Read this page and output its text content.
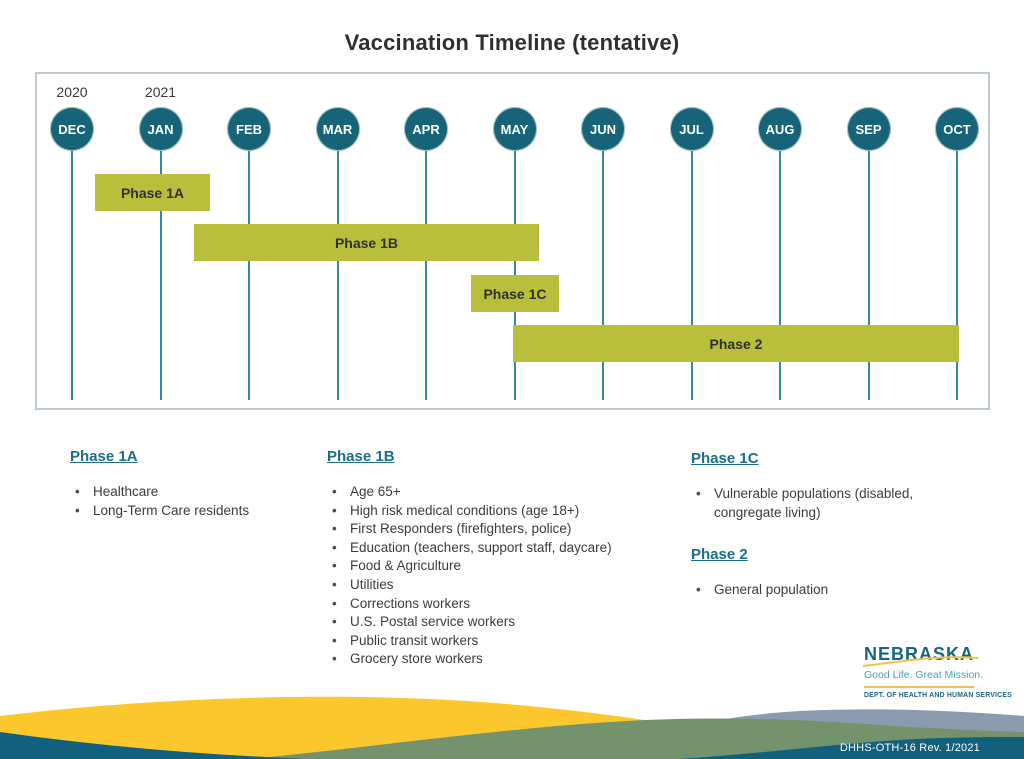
Vaccination Timeline (tentative)
2020	2021
DEC	JAN	FEB	MAR	APR	MAY	JUN	JUL	AUG	SEP	OCT
Phase 1A
Phase 1B
Phase 1C
Phase 2
Phase 1A
• Healthcare
• Long-Term Care residents
Phase 1B
• Age 65+
• High risk medical conditions (age 18+)
• First Responders (firefighters, police)
• Education (teachers, support staff, daycare)
• Food & Agriculture
• Utilities
• Corrections workers
• U.S. Postal service workers
• Public transit workers
• Grocery store workers
Phase 1C
• Vulnerable populations (disabled, congregate living)
Phase 2
• General population
NEBRASKA
Good Life. Great Mission.
DEPT. OF HEALTH AND HUMAN SERVICES
DHHS-OTH-16 Rev. 1/2021
